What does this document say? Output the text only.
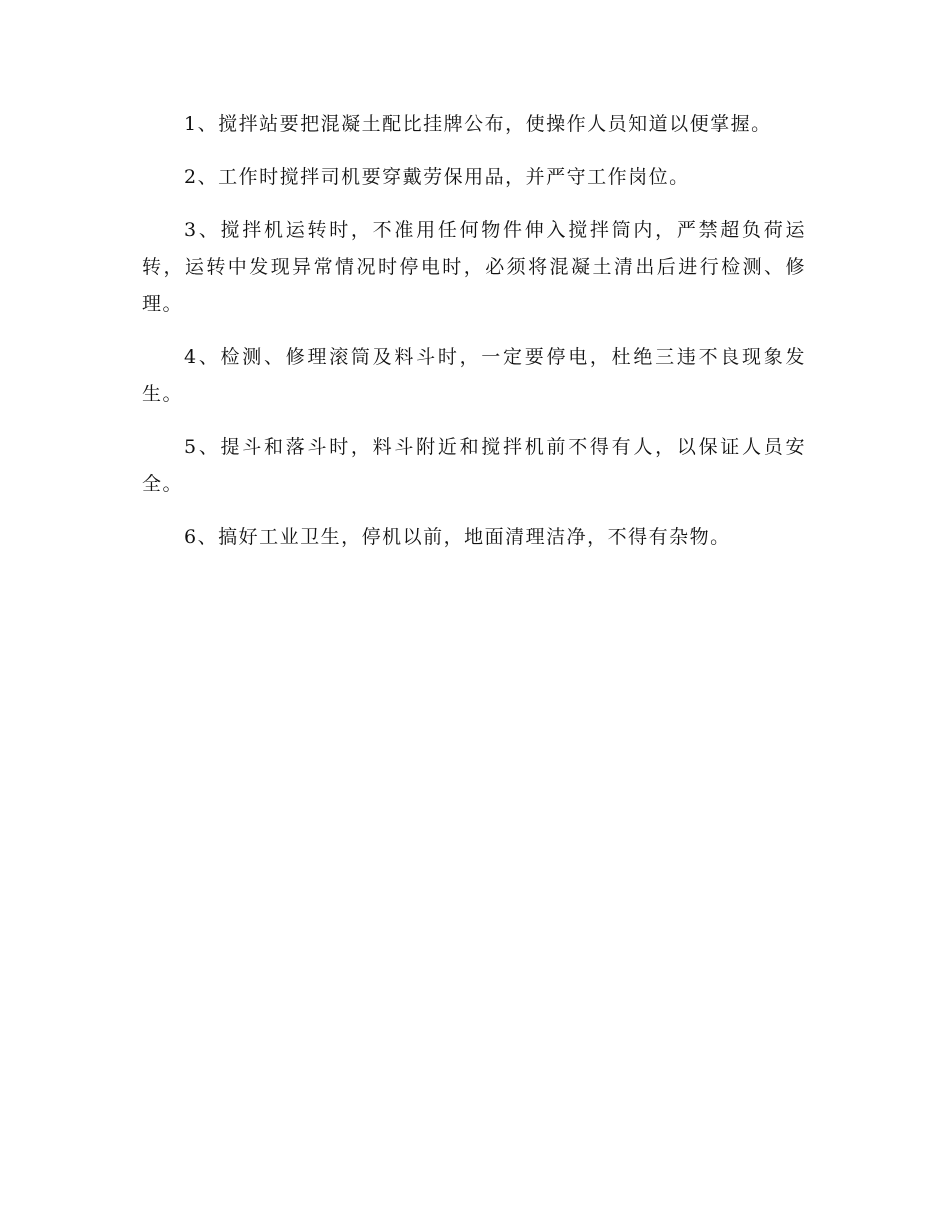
1、搅拌站要把混凝土配比挂牌公布，使操作人员知道以便掌握。

2、工作时搅拌司机要穿戴劳保用品，并严守工作岗位。

3、搅拌机运转时，不准用任何物件伸入搅拌筒内，严禁超负荷运转，运转中发现异常情况时停电时，必须将混凝土清出后进行检测、修理。

4、检测、修理滚筒及料斗时，一定要停电，杜绝三违不良现象发生。

5、提斗和落斗时，料斗附近和搅拌机前不得有人，以保证人员安全。

6、搞好工业卫生，停机以前，地面清理洁净，不得有杂物。
